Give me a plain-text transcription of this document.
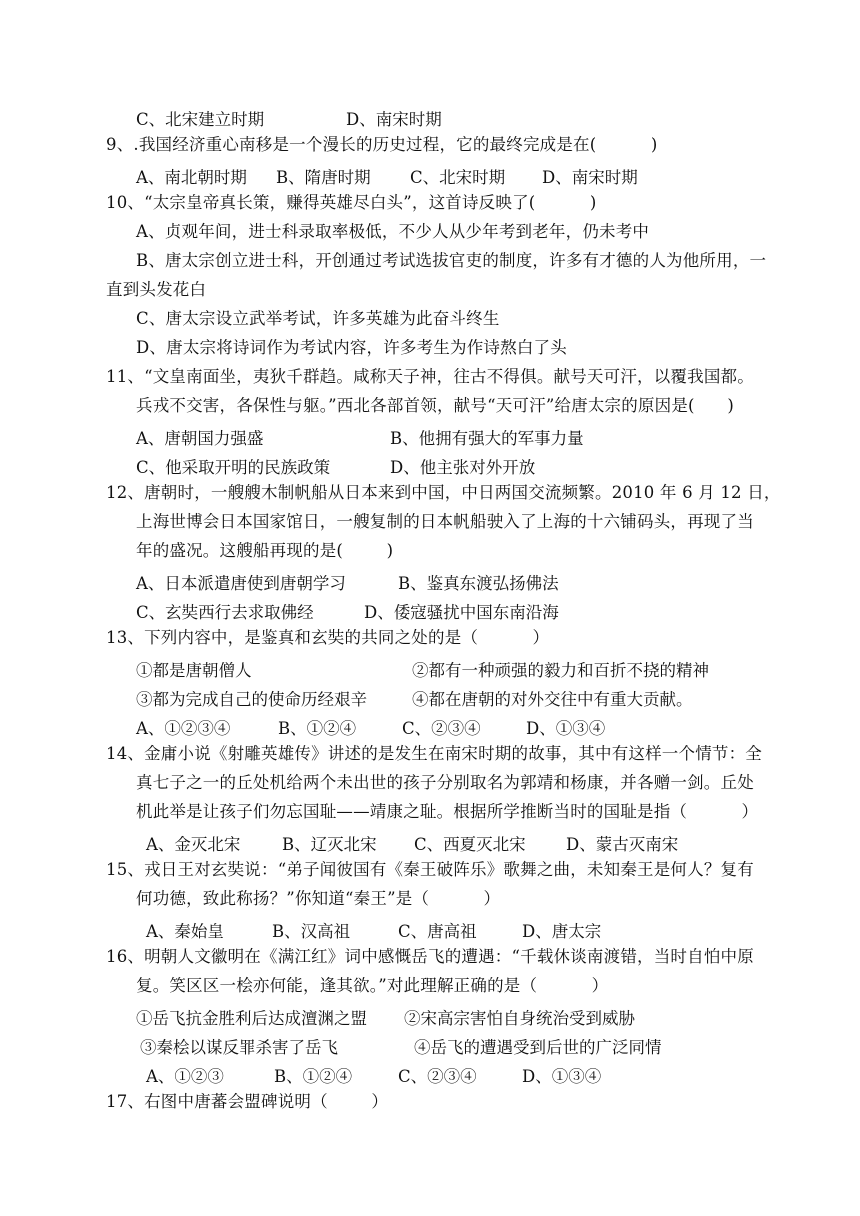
C、北宋建立时期	D、南宋时期
9、.我国经济重心南移是一个漫长的历史过程，它的最终完成是在(          )
A、南北朝时期 B、隋唐时期 C、北宋时期 D、南宋时期
10、“太宗皇帝真长策，赚得英雄尽白头”，这首诗反映了(          )
A、贞观年间，进士科录取率极低，不少人从少年考到老年，仍未考中
B、唐太宗创立进士科，开创通过考试选拔官吏的制度，许多有才德的人为他所用，一
直到头发花白
C、唐太宗设立武举考试，许多英雄为此奋斗终生
D、唐太宗将诗词作为考试内容，许多考生为作诗熬白了头
11、“文皇南面坐，夷狄千群趋。咸称天子神，往古不得俱。献号天可汗，以覆我国都。
兵戎不交害，各保性与躯。”西北各部首领，献号“天可汗”给唐太宗的原因是(      )
A、唐朝国力强盛	B、他拥有强大的军事力量
C、他采取开明的民族政策	D、他主张对外开放
12、唐朝时，一艘艘木制帆船从日本来到中国，中日两国交流频繁。2010 年 6 月 12 日，
上海世博会日本国家馆日，一艘复制的日本帆船驶入了上海的十六铺码头，再现了当
年的盛况。这艘船再现的是(        )
A、日本派遣唐使到唐朝学习	B、鉴真东渡弘扬佛法
C、玄奘西行去求取佛经	D、倭寇骚扰中国东南沿海
13、下列内容中，是鉴真和玄奘的共同之处的是（          ）
①都是唐朝僧人	②都有一种顽强的毅力和百折不挠的精神
③都为完成自己的使命历经艰辛	④都在唐朝的对外交往中有重大贡献。
A、①②③④	B、①②④	C、②③④	D、①③④
14、金庸小说《射雕英雄传》讲述的是发生在南宋时期的故事，其中有这样一个情节：全
真七子之一的丘处机给两个未出世的孩子分别取名为郭靖和杨康，并各赠一剑。丘处
机此举是让孩子们勿忘国耻——靖康之耻。根据所学推断当时的国耻是指（          ）
A、金灭北宋	B、辽灭北宋 C、西夏灭北宋 D、蒙古灭南宋
15、戎日王对玄奘说：“弟子闻彼国有《秦王破阵乐》歌舞之曲，未知秦王是何人？复有
何功德，致此称扬？”你知道“秦王”是（          ）
A、秦始皇	B、汉高祖	C、唐高祖	D、唐太宗
16、明朝人文徽明在《满江红》词中感慨岳飞的遭遇：“千载休谈南渡错，当时自怕中原
复。笑区区一桧亦何能，逢其欲。”对此理解正确的是（          ）
①岳飞抗金胜利后达成澶渊之盟 ②宋高宗害怕自身统治受到威胁
③秦桧以谋反罪杀害了岳飞	④岳飞的遭遇受到后世的广泛同情
A、①②③	B、①②④	C、②③④	D、①③④
17、右图中唐蕃会盟碑说明（        ）
